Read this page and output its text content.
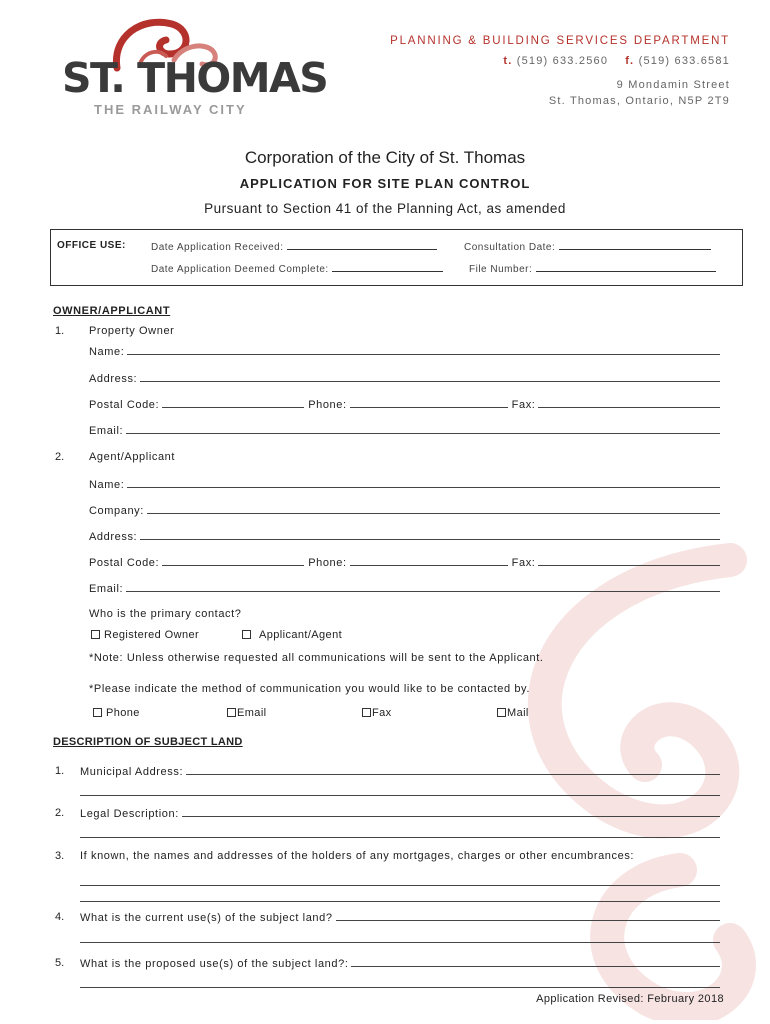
ST. THOMAS
THE RAILWAY CITY
PLANNING & BUILDING SERVICES DEPARTMENT
t. (519) 633.2560 f. (519) 633.6581
9 Mondamin Street
St. Thomas, Ontario, N5P 2T9
Corporation of the City of St. Thomas
APPLICATION FOR SITE PLAN CONTROL
Pursuant to Section 41 of the Planning Act, as amended
OFFICE USE:	Date Application Received:	Consultation Date:
Date Application Deemed Complete:	File Number:
OWNER/APPLICANT
1. Property Owner
Name:
Address:
Postal Code:	Phone:	Fax:
Email:
2. Agent/Applicant
Name:
Company:
Address:
Postal Code:	Phone:	Fax:
Email:
Who is the primary contact?
Registered Owner	Applicant/Agent
*Note: Unless otherwise requested all communications will be sent to the Applicant.
*Please indicate the method of communication you would like to be contacted by.
Phone	Email	Fax	Mail
DESCRIPTION OF SUBJECT LAND
1. Municipal Address:
2. Legal Description:
3. If known, the names and addresses of the holders of any mortgages, charges or other encumbrances:
4. What is the current use(s) of the subject land?
5. What is the proposed use(s) of the subject land?:
Application Revised: February 2018
